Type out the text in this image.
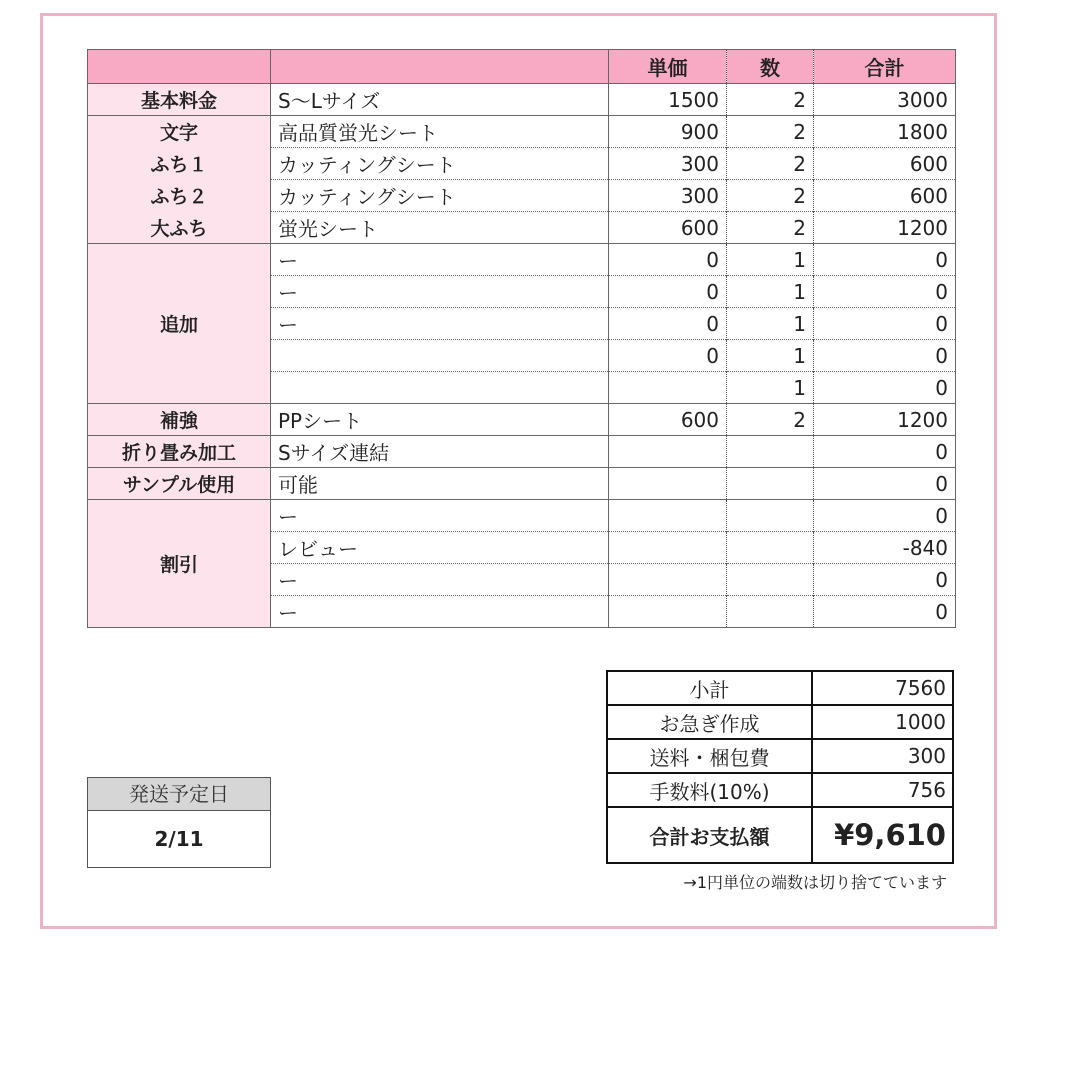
		単価	数	合計
基本料金	S〜Lサイズ	1500	2	3000
文字	高品質蛍光シート	900	2	1800
ふち１	カッティングシート	300	2	600
ふち２	カッティングシート	300	2	600
大ふち	蛍光シート	600	2	1200
追加	ー	0	1	0
	ー	0	1	0
	ー	0	1	0
		0	1	0
			1	0
補強	PPシート	600	2	1200
折り畳み加工	Sサイズ連結			0
サンプル使用	可能			0
割引	ー			0
	レビュー			-840
	ー			0
	ー			0
小計	7560
お急ぎ作成	1000
送料・梱包費	300
手数料(10%)	756
合計お支払額	¥9,610
→1円単位の端数は切り捨てています
発送予定日
2/11
